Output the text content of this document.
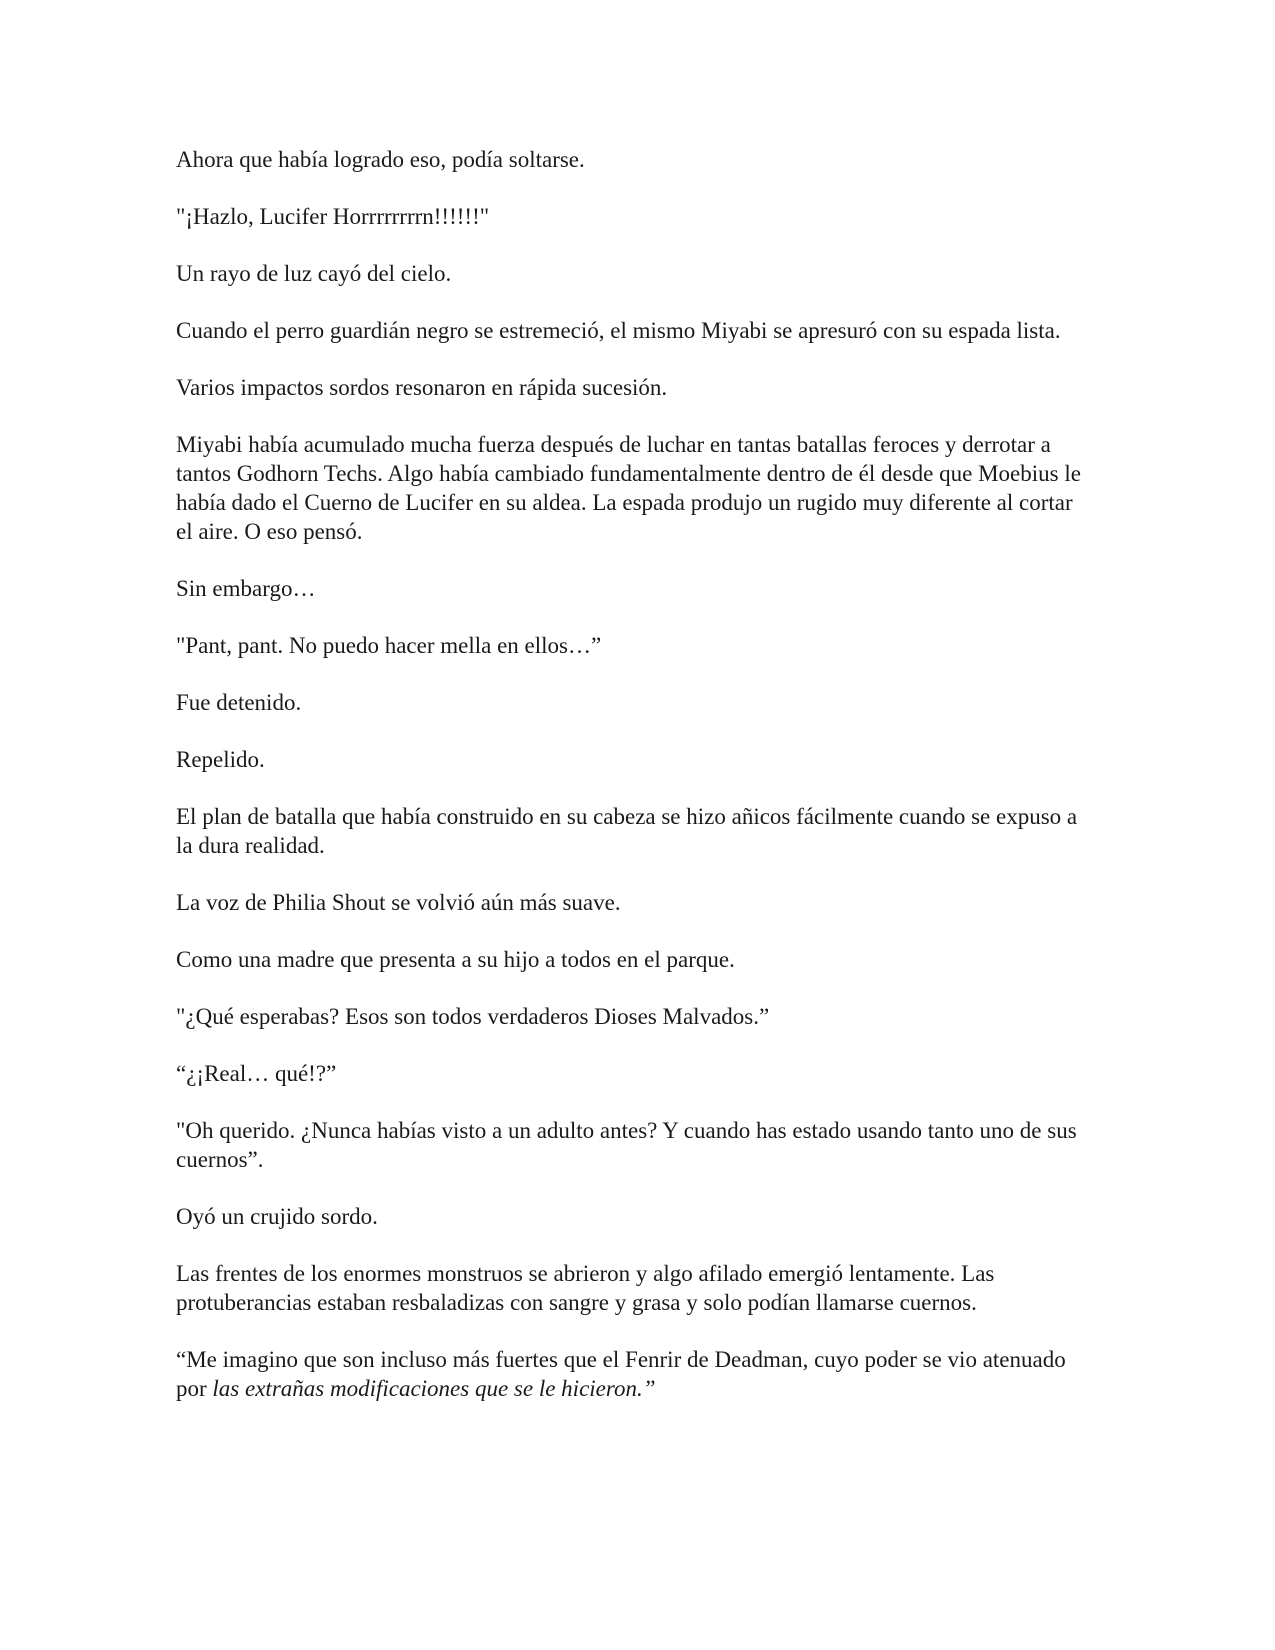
Ahora que había logrado eso, podía soltarse.

"¡Hazlo, Lucifer Horrrrrrrrn!!!!!!"

Un rayo de luz cayó del cielo.

Cuando el perro guardián negro se estremeció, el mismo Miyabi se apresuró con su espada lista.

Varios impactos sordos resonaron en rápida sucesión.

Miyabi había acumulado mucha fuerza después de luchar en tantas batallas feroces y derrotar a tantos Godhorn Techs. Algo había cambiado fundamentalmente dentro de él desde que Moebius le había dado el Cuerno de Lucifer en su aldea. La espada produjo un rugido muy diferente al cortar el aire. O eso pensó.

Sin embargo…

"Pant, pant. No puedo hacer mella en ellos…”

Fue detenido.

Repelido.

El plan de batalla que había construido en su cabeza se hizo añicos fácilmente cuando se expuso a la dura realidad.

La voz de Philia Shout se volvió aún más suave.

Como una madre que presenta a su hijo a todos en el parque.

"¿Qué esperabas? Esos son todos verdaderos Dioses Malvados.”

“¿¡Real… qué!?”

"Oh querido. ¿Nunca habías visto a un adulto antes? Y cuando has estado usando tanto uno de sus cuernos”.

Oyó un crujido sordo.

Las frentes de los enormes monstruos se abrieron y algo afilado emergió lentamente. Las protuberancias estaban resbaladizas con sangre y grasa y solo podían llamarse cuernos.

“Me imagino que son incluso más fuertes que el Fenrir de Deadman, cuyo poder se vio atenuado por las extrañas modificaciones que se le hicieron.”
